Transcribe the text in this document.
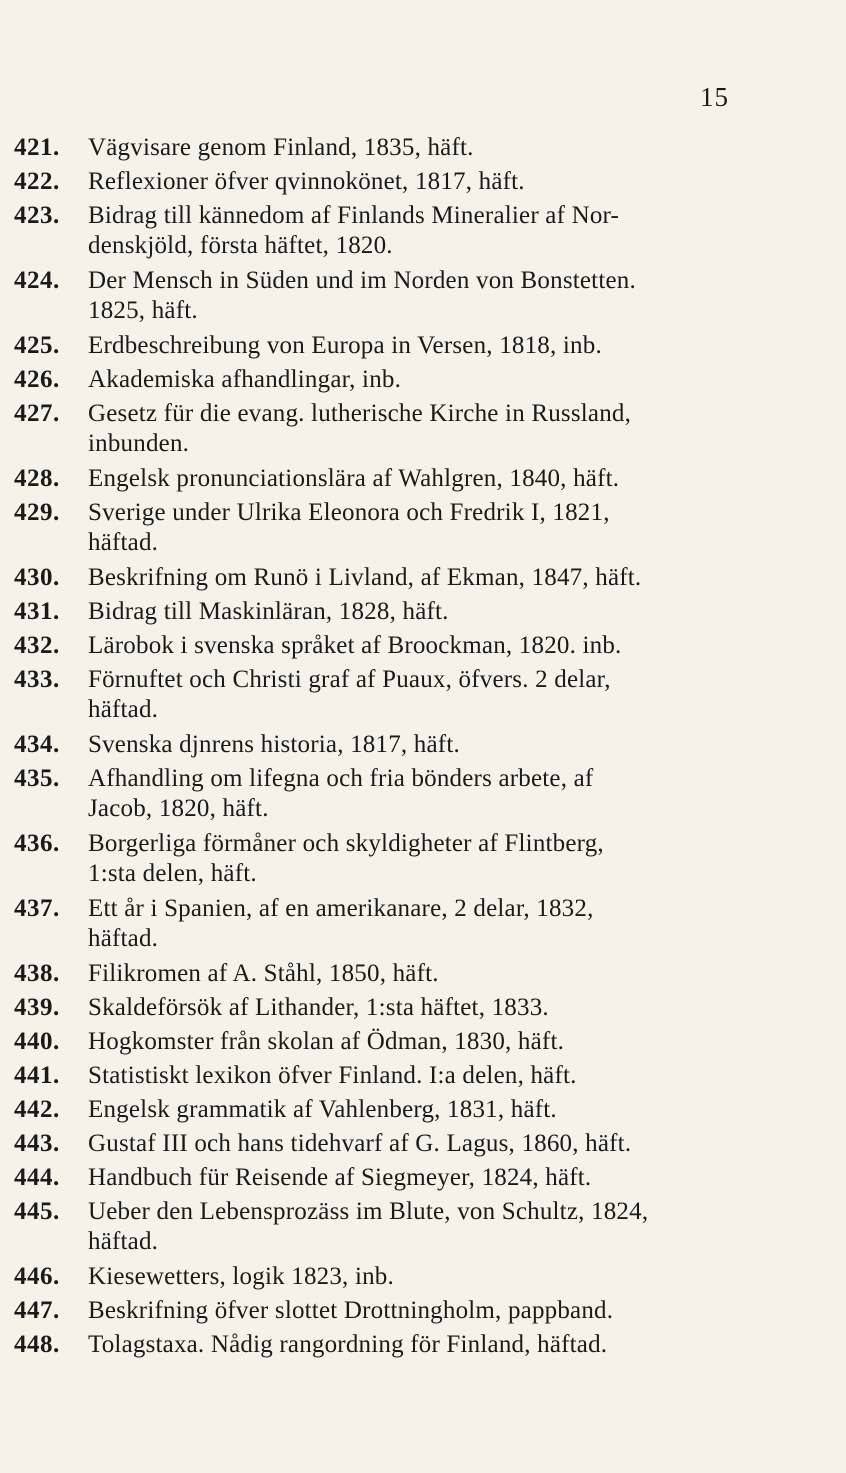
15
421.	Vägvisare genom Finland, 1835, häft.
422.	Reflexioner öfver qvinnokönet, 1817, häft.
423.	Bidrag till kännedom af Finlands Mineralier af Nor-
denskjöld, första häftet, 1820.
424.	Der Mensch in Süden und im Norden von Bonstetten.
1825, häft.
425.	Erdbeschreibung von Europa in Versen, 1818, inb.
426.	Akademiska afhandlingar, inb.
427.	Gesetz für die evang. lutherische Kirche in Russland,
inbunden.
428.	Engelsk pronunciationslära af Wahlgren, 1840, häft.
429.	Sverige under Ulrika Eleonora och Fredrik I, 1821,
häftad.
430.	Beskrifning om Runö i Livland, af Ekman, 1847, häft.
431.	Bidrag till Maskinläran, 1828, häft.
432.	Lärobok i svenska språket af Broockman, 1820. inb.
433.	Förnuftet och Christi graf af Puaux, öfvers. 2 delar,
häftad.
434.	Svenska djnrens historia, 1817, häft.
435.	Afhandling om lifegna och fria bönders arbete, af
Jacob, 1820, häft.
436.	Borgerliga förmåner och skyldigheter af Flintberg,
1:sta delen, häft.
437.	Ett år i Spanien, af en amerikanare, 2 delar, 1832,
häftad.
438.	Filikromen af A. Ståhl, 1850, häft.
439.	Skaldeförsök af Lithander, 1:sta häftet, 1833.
440.	Hogkomster från skolan af Ödman, 1830, häft.
441.	Statistiskt lexikon öfver Finland. I:a delen, häft.
442.	Engelsk grammatik af Vahlenberg, 1831, häft.
443.	Gustaf III och hans tidehvarf af G. Lagus, 1860, häft.
444.	Handbuch für Reisende af Siegmeyer, 1824, häft.
445.	Ueber den Lebensprozäss im Blute, von Schultz, 1824,
häftad.
446.	Kiesewetters, logik 1823, inb.
447.	Beskrifning öfver slottet Drottningholm, pappband.
448.	Tolagstaxa. Nådig rangordning för Finland, häftad.
